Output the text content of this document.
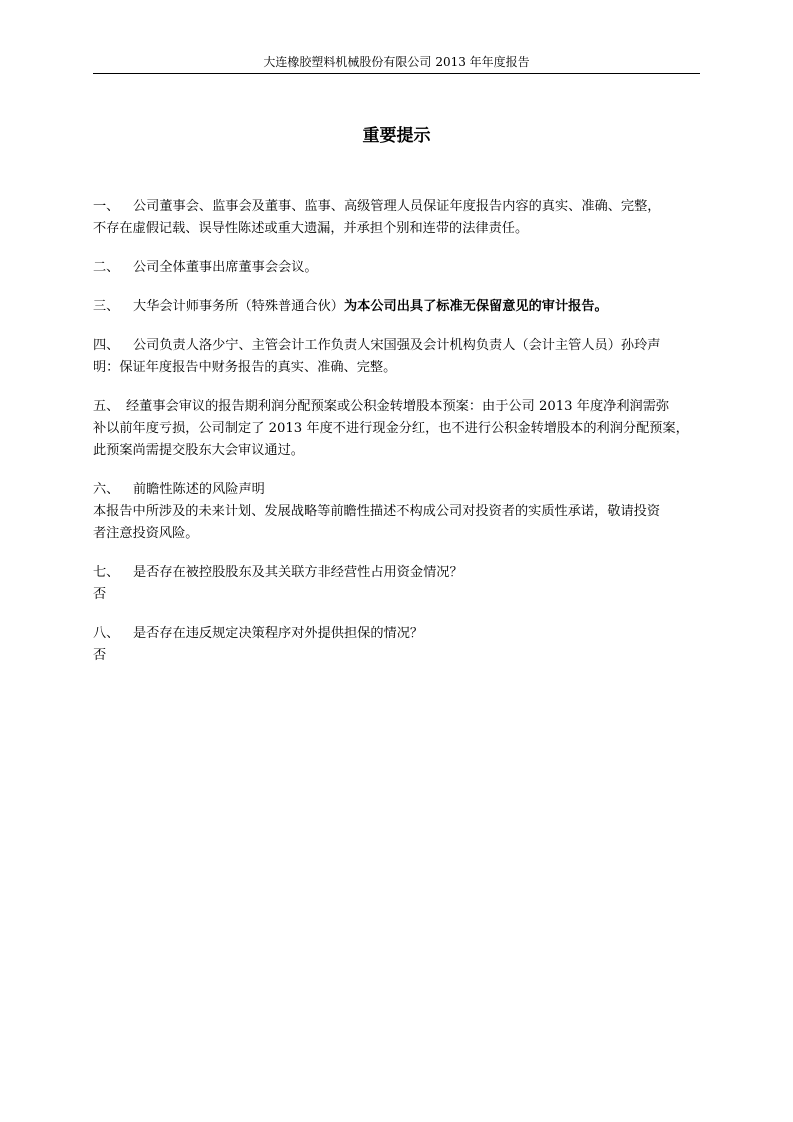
大连橡胶塑料机械股份有限公司 2013 年年度报告
重要提示
一、 公司董事会、监事会及董事、监事、高级管理人员保证年度报告内容的真实、准确、完整，
不存在虚假记载、误导性陈述或重大遗漏，并承担个别和连带的法律责任。
二、 公司全体董事出席董事会会议。
三、 大华会计师事务所（特殊普通合伙）为本公司出具了标准无保留意见的审计报告。
四、 公司负责人洛少宁、主管会计工作负责人宋国强及会计机构负责人（会计主管人员）孙玲声
明：保证年度报告中财务报告的真实、准确、完整。
五、 经董事会审议的报告期利润分配预案或公积金转增股本预案：由于公司 2013 年度净利润需弥
补以前年度亏损，公司制定了 2013 年度不进行现金分红，也不进行公积金转增股本的利润分配预案，
此预案尚需提交股东大会审议通过。
六、 前瞻性陈述的风险声明
本报告中所涉及的未来计划、发展战略等前瞻性描述不构成公司对投资者的实质性承诺，敬请投资
者注意投资风险。
七、 是否存在被控股股东及其关联方非经营性占用资金情况？
否
八、 是否存在违反规定决策程序对外提供担保的情况？
否
